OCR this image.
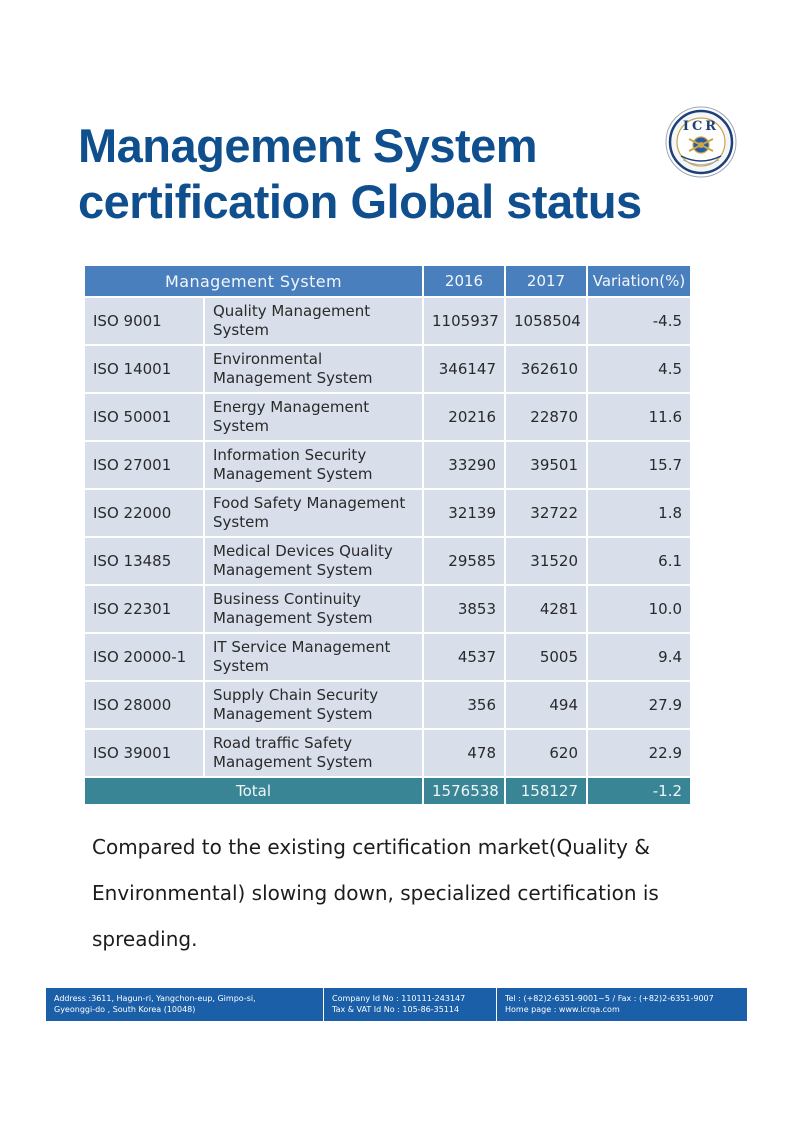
Management System
certification Global status
ICR
Management System		2016	2017	Variation(%)
ISO 9001	Quality Management System	1105937	1058504	-4.5
ISO 14001	Environmental Management System	346147	362610	4.5
ISO 50001	Energy Management System	20216	22870	11.6
ISO 27001	Information Security Management System	33290	39501	15.7
ISO 22000	Food Safety Management System	32139	32722	1.8
ISO 13485	Medical Devices Quality Management System	29585	31520	6.1
ISO 22301	Business Continuity Management System	3853	4281	10.0
ISO 20000-1	IT Service Management System	4537	5005	9.4
ISO 28000	Supply Chain Security Management System	356	494	27.9
ISO 39001	Road traffic Safety Management System	478	620	22.9
Total		1576538	158127	-1.2

Compared to the existing certification market(Quality & Environmental) slowing down, specialized certification is spreading.

Address :3611, Hagun-ri, Yangchon-eup, Gimpo-si,
Gyeonggi-do , South Korea (10048)
Company Id No : 110111-243147
Tax & VAT Id No : 105-86-35114
Tel : (+82)2-6351-9001~5 / Fax : (+82)2-6351-9007
Home page : www.icrqa.com
